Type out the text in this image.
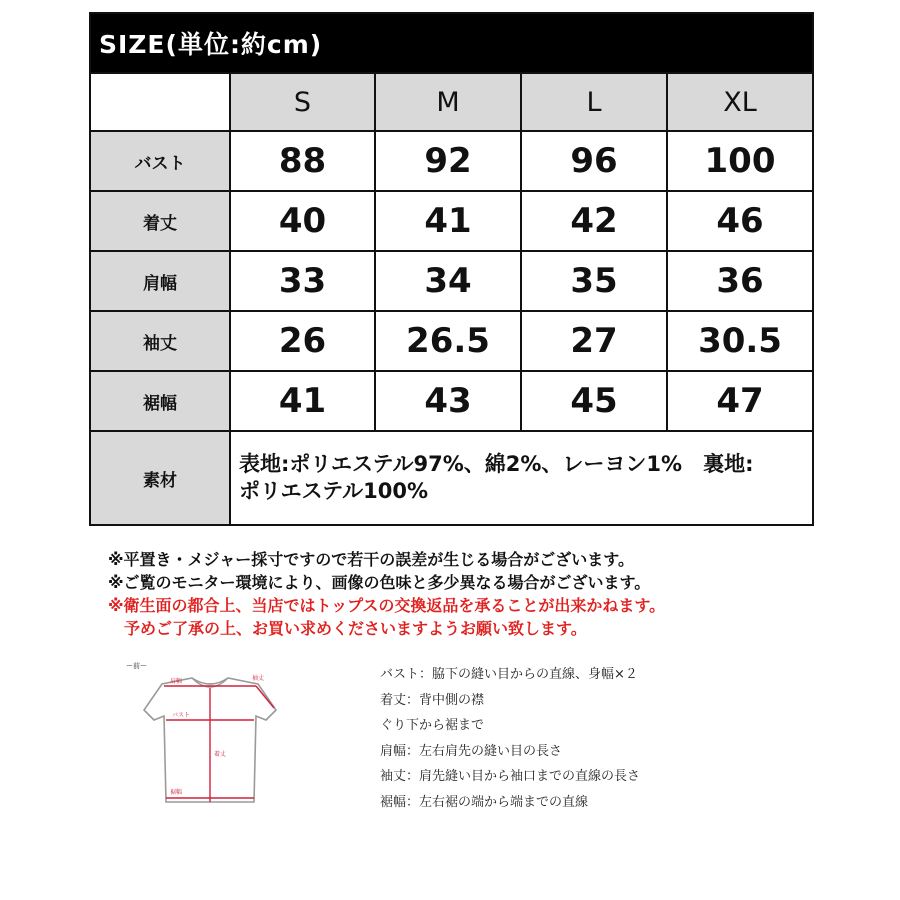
SIZE(単位:約cm)				
	S	M	L	XL
バスト	88	92	96	100
着丈	40	41	42	46
肩幅	33	34	35	36
袖丈	26	26.5	27	30.5
裾幅	41	43	45	47
素材	表地:ポリエステル97%、綿2%、レーヨン1%　裏地:
ポリエステル100%			
※平置き・メジャー採寸ですので若干の誤差が生じる場合がございます。
※ご覧のモニター環境により、画像の色味と多少異なる場合がございます。
※衛生面の都合上、当店ではトップスの交換返品を承ることが出来かねます。
予めご了承の上、お買い求めくださいますようお願い致します。
ー前ー
肩幅	袖丈
バスト
着丈
裾幅
バスト：脇下の縫い目からの直線、身幅×２
着丈：背中側の襟
ぐり下から裾まで
肩幅：左右肩先の縫い目の長さ
袖丈：肩先縫い目から袖口までの直線の長さ
裾幅：左右裾の端から端までの直線
